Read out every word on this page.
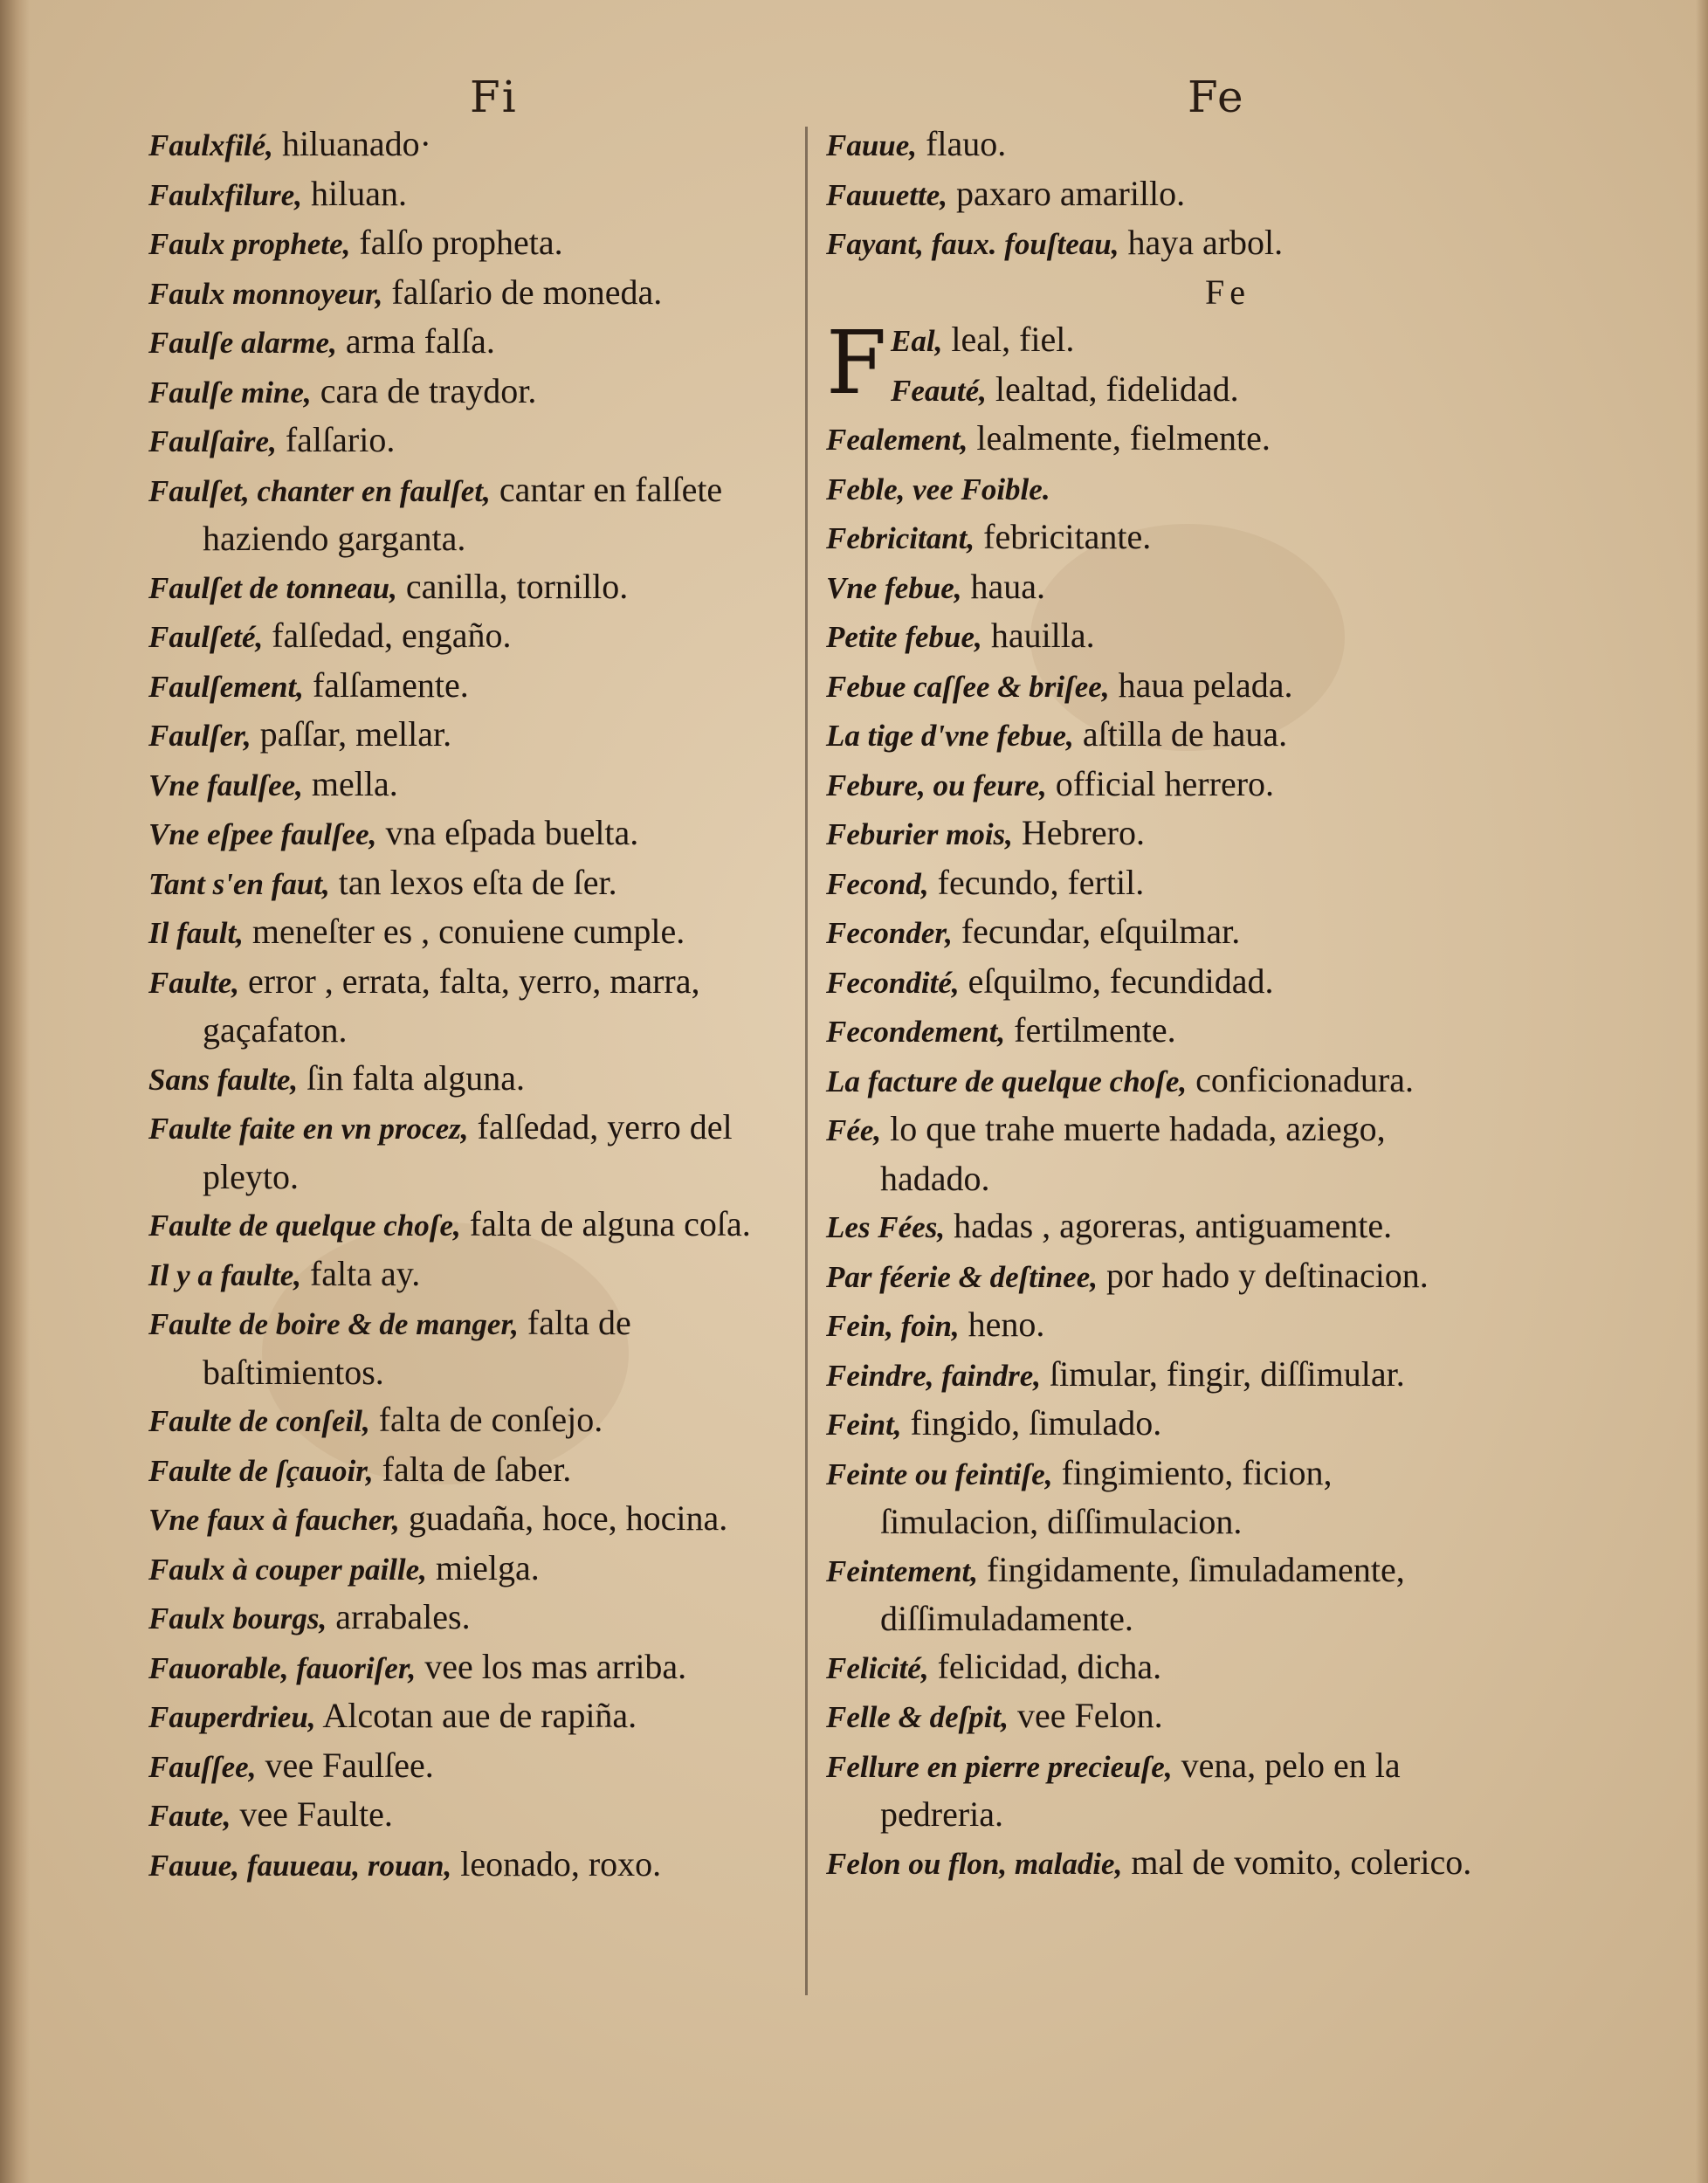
Fi	Fe

Faulxfilé, hiluanado·

Faulxfilure, hiluan.

Faulx prophete, falſo propheta.

Faulx monnoyeur, falſario de moneda.

Faulſe alarme, arma falſa.

Faulſe mine, cara de traydor.

Faulſaire, falſario.

Faulſet, chanter en faulſet, cantar en falſete haziendo garganta.

Faulſet de tonneau, canilla, tornillo.

Faulſeté, falſedad, engaño.

Faulſement, falſamente.

Faulſer, paſſar, mellar.

Vne faulſee, mella.

Vne eſpee faulſee, vna eſpada buelta.

Tant s'en faut, tan lexos eſta de ſer.

Il fault, meneſter es , conuiene cumple.

Faulte, error , errata, falta, yerro, marra, gaçafaton.

Sans faulte, ſin falta alguna.

Faulte faite en vn procez, falſedad, yerro del pleyto.

Faulte de quelque choſe, falta de alguna coſa.

Il y a faulte, falta ay.

Faulte de boire & de manger, falta de baſtimientos.

Faulte de conſeil, falta de conſejo.

Faulte de ſçauoir, falta de ſaber.

Vne faux à faucher, guadaña, hoce, hocina.

Faulx à couper paille, mielga.

Faulx bourgs, arrabales.

Fauorable, fauoriſer, vee los mas arriba.

Fauperdrieu, Alcotan aue de rapiña.

Fauſſee, vee Faulſee.

Faute, vee Faulte.

Fauue, fauueau, rouan, leonado, roxo.

Fauue, flauo.

Fauuette, paxaro amarillo.

Fayant, faux. fouſteau, haya arbol.

Fe

F Eal, leal, fiel.
Feauté, lealtad, fidelidad.

Fealement, lealmente, fielmente.

Feble, vee Foible.

Febricitant, febricitante.

Vne febue, haua.

Petite febue, hauilla.

Febue caſſee & briſee, haua pelada.

La tige d'vne febue, aſtilla de haua.

Febure, ou feure, official herrero.

Feburier mois, Hebrero.

Fecond, fecundo, fertil.

Feconder, fecundar, eſquilmar.

Fecondité, eſquilmo, fecundidad.

Fecondement, fertilmente.

La facture de quelque choſe, conficionadura.

Fée, lo que trahe muerte hadada, aziego, hadado.

Les Fées, hadas , agoreras, antiguamente.

Par féerie & deſtinee, por hado y deſtinacion.

Fein, foin, heno.

Feindre, faindre, ſimular, fingir, diſſimular.

Feint, fingido, ſimulado.

Feinte ou feintiſe, fingimiento, ficion, ſimulacion, diſſimulacion.

Feintement, fingidamente, ſimuladamente, diſſimuladamente.

Felicité, felicidad, dicha.

Felle & deſpit, vee Felon.

Fellure en pierre precieuſe, vena, pelo en la pedreria.

Felon ou flon, maladie, mal de vomito, colerico.
